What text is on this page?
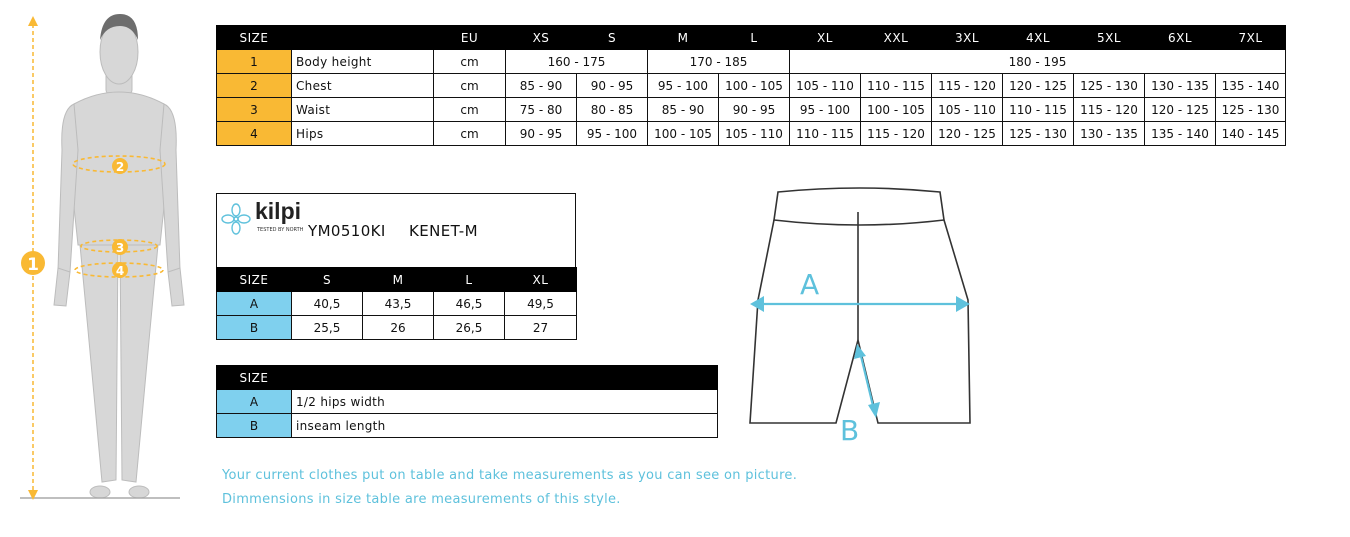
1
2
3
4
SIZE		EU	XS	S	M	L	XL	XXL	3XL	4XL	5XL	6XL	7XL
1	Body height	cm	160 - 175		170 - 185		180 - 195						
2	Chest	cm	85 - 90	90 - 95	95 - 100	100 - 105	105 - 110	110 - 115	115 - 120	120 - 125	125 - 130	130 - 135	135 - 140
3	Waist	cm	75 - 80	80 - 85	85 - 90	90 - 95	95 - 100	100 - 105	105 - 110	110 - 115	115 - 120	120 - 125	125 - 130
4	Hips	cm	90 - 95	95 - 100	100 - 105	105 - 110	110 - 115	115 - 120	120 - 125	125 - 130	130 - 135	135 - 140	140 - 145
kilpi
TESTED BY NORTH YM0510KI KENET-M
SIZE	S	M	L	XL
A	40,5	43,5	46,5	49,5
B	25,5	26	26,5	27
SIZE	
A	1/2 hips width
B	inseam length
A
B
Your current clothes put on table and take measurements as you can see on picture.
Dimmensions in size table are measurements of this style.
